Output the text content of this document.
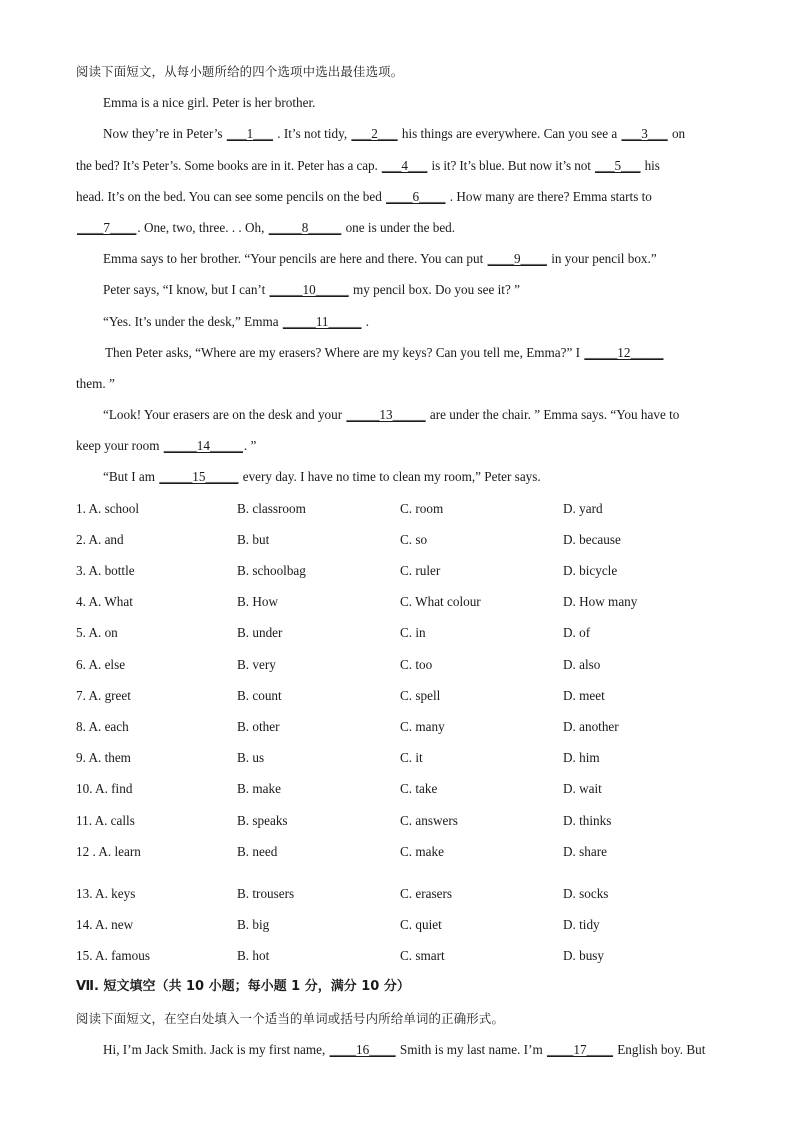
阅读下面短文，从每小题所给的四个选项中选出最佳选项。
Emma is a nice girl. Peter is her brother.
Now they’re in Peter’s ___1___ . It’s not tidy, ___2___ his things are everywhere. Can you see a ___3___ on
the bed? It’s Peter’s. Some books are in it. Peter has a cap. ___4___ is it? It’s blue. But now it’s not ___5___ his
head. It’s on the bed. You can see some pencils on the bed ____6____ . How many are there? Emma starts to
____7____. One, two, three. . . Oh, _____8_____ one is under the bed.
Emma says to her brother. “Your pencils are here and there. You can put ____9____ in your pencil box.”
Peter says, “I know, but I can’t _____10_____ my pencil box. Do you see it? ”
“Yes. It’s under the desk,” Emma _____11_____ .
Then Peter asks, “Where are my erasers? Where are my keys? Can you tell me, Emma?” I _____12_____
them. ”
“Look! Your erasers are on the desk and your _____13_____ are under the chair. ” Emma says. “You have to
keep your room _____14_____. ”
“But I am _____15_____ every day. I have no time to clean my room,” Peter says.
1. A. school	B. classroom	C. room	D. yard
2. A. and	B. but	C. so	D. because
3. A. bottle	B. schoolbag	C. ruler	D. bicycle
4. A. What	B. How	C. What colour	D. How many
5. A. on	B. under	C. in	D. of
6. A. else	B. very	C. too	D. also
7. A. greet	B. count	C. spell	D. meet
8. A. each	B. other	C. many	D. another
9. A. them	B. us	C. it	D. him
10. A. find	B. make	C. take	D. wait
11. A. calls	B. speaks	C. answers	D. thinks
12 . A. learn	B. need	C. make	D. share
13. A. keys	B. trousers	C. erasers	D. socks
14. A. new	B. big	C. quiet	D. tidy
15. A. famous	B. hot	C. smart	D. busy
Ⅶ. 短文填空（共 10 小题；每小题 1 分，满分 10 分）
阅读下面短文，在空白处填入一个适当的单词或括号内所给单词的正确形式。
Hi, I’m Jack Smith. Jack is my first name, ____16____ Smith is my last name. I’m ____17____ English boy. But
